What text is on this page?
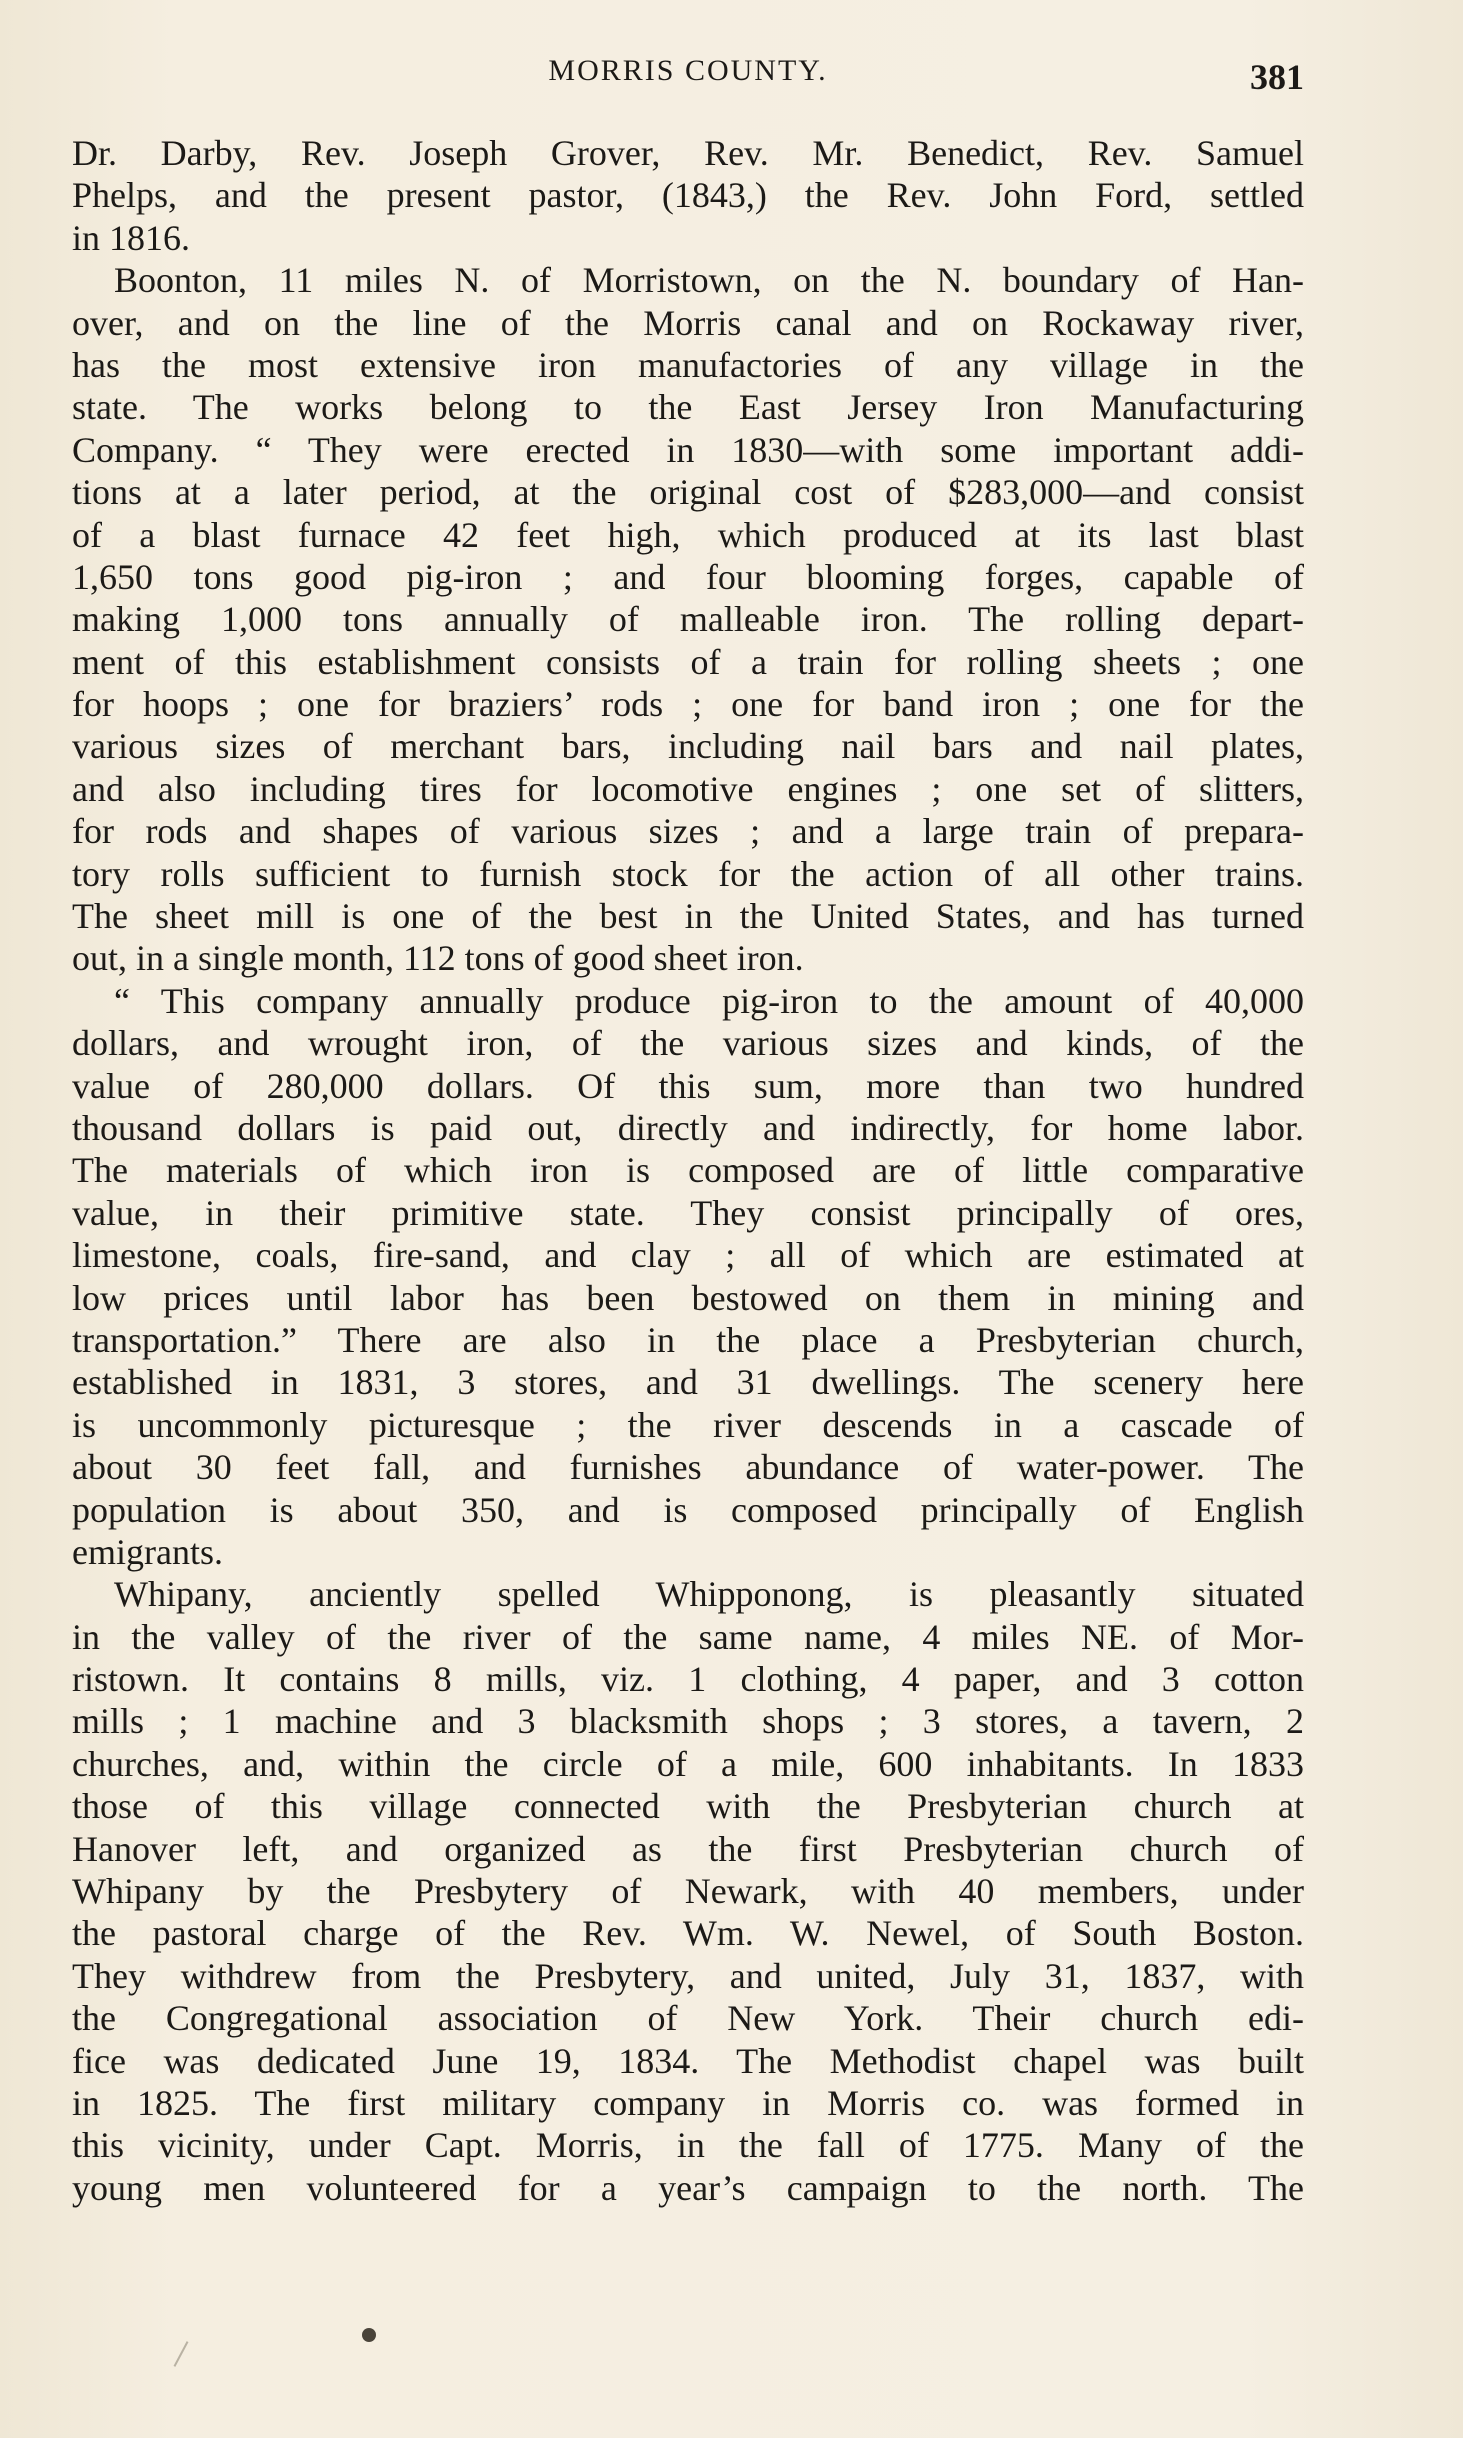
MORRIS COUNTY.	381
Dr. Darby, Rev. Joseph Grover, Rev. Mr. Benedict, Rev. Samuel
Phelps, and the present pastor, (1843,) the Rev. John Ford, settled
in 1816.
Boonton, 11 miles N. of Morristown, on the N. boundary of Han-
over, and on the line of the Morris canal and on Rockaway river,
has the most extensive iron manufactories of any village in the
state. The works belong to the East Jersey Iron Manufacturing
Company. “ They were erected in 1830—with some important addi-
tions at a later period, at the original cost of $283,000—and consist
of a blast furnace 42 feet high, which produced at its last blast
1,650 tons good pig-iron ; and four blooming forges, capable of
making 1,000 tons annually of malleable iron. The rolling depart-
ment of this establishment consists of a train for rolling sheets ; one
for hoops ; one for braziers’ rods ; one for band iron ; one for the
various sizes of merchant bars, including nail bars and nail plates,
and also including tires for locomotive engines ; one set of slitters,
for rods and shapes of various sizes ; and a large train of prepara-
tory rolls sufficient to furnish stock for the action of all other trains.
The sheet mill is one of the best in the United States, and has turned
out, in a single month, 112 tons of good sheet iron.
“ This company annually produce pig-iron to the amount of 40,000
dollars, and wrought iron, of the various sizes and kinds, of the
value of 280,000 dollars. Of this sum, more than two hundred
thousand dollars is paid out, directly and indirectly, for home labor.
The materials of which iron is composed are of little comparative
value, in their primitive state. They consist principally of ores,
limestone, coals, fire-sand, and clay ; all of which are estimated at
low prices until labor has been bestowed on them in mining and
transportation.” There are also in the place a Presbyterian church,
established in 1831, 3 stores, and 31 dwellings. The scenery here
is uncommonly picturesque ; the river descends in a cascade of
about 30 feet fall, and furnishes abundance of water-power. The
population is about 350, and is composed principally of English
emigrants.
Whipany, anciently spelled Whipponong, is pleasantly situated
in the valley of the river of the same name, 4 miles NE. of Mor-
ristown. It contains 8 mills, viz. 1 clothing, 4 paper, and 3 cotton
mills ; 1 machine and 3 blacksmith shops ; 3 stores, a tavern, 2
churches, and, within the circle of a mile, 600 inhabitants. In 1833
those of this village connected with the Presbyterian church at
Hanover left, and organized as the first Presbyterian church of
Whipany by the Presbytery of Newark, with 40 members, under
the pastoral charge of the Rev. Wm. W. Newel, of South Boston.
They withdrew from the Presbytery, and united, July 31, 1837, with
the Congregational association of New York. Their church edi-
fice was dedicated June 19, 1834. The Methodist chapel was built
in 1825. The first military company in Morris co. was formed in
this vicinity, under Capt. Morris, in the fall of 1775. Many of the
young men volunteered for a year’s campaign to the north. The
